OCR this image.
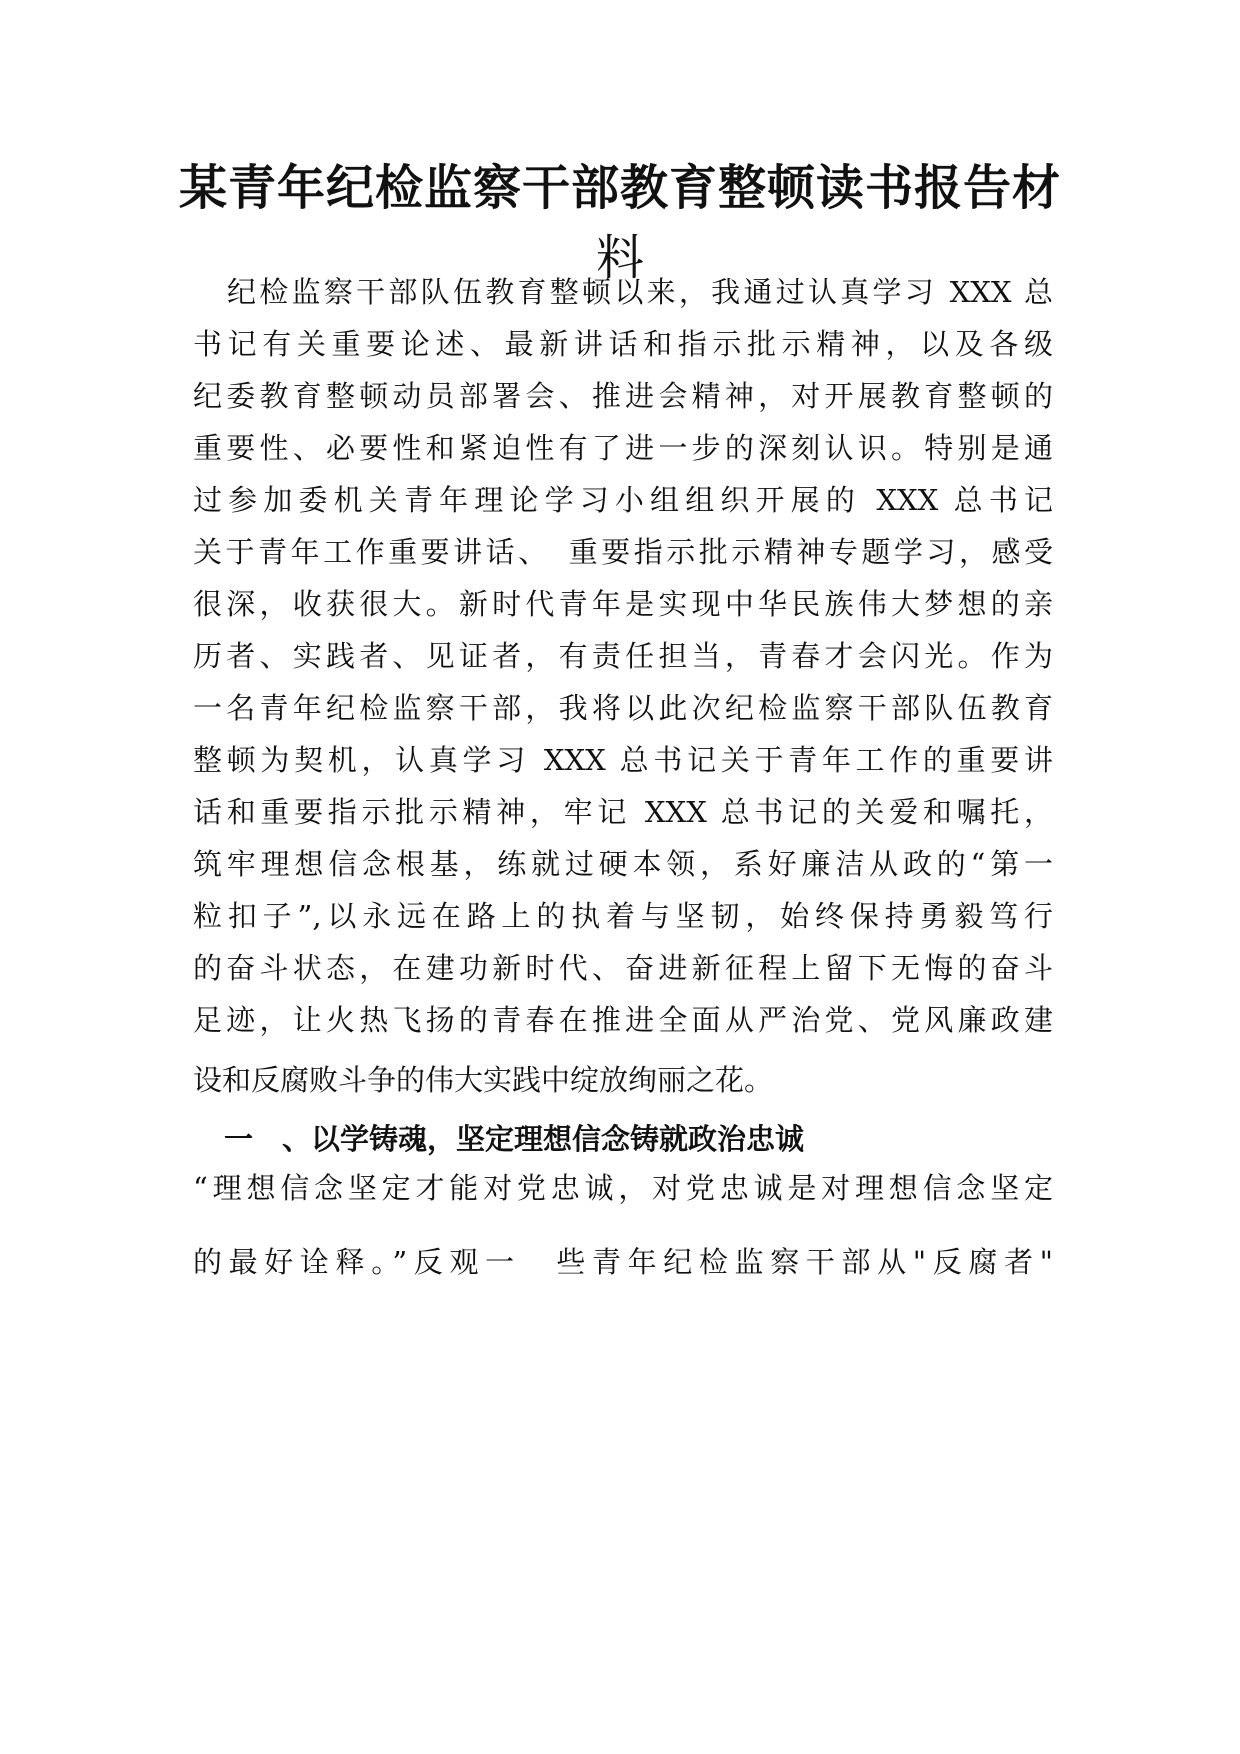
某青年纪检监察干部教育整顿读书报告材
料
纪检监察干部队伍教育整顿以来，我通过认真学习 XXX 总
书记有关重要论述、最新讲话和指示批示精神，以及各级
纪委教育整顿动员部署会、推进会精神，对开展教育整顿的
重要性、必要性和紧迫性有了进一步的深刻认识。特别是通
过参加委机关青年理论学习小组组织开展的 XXX 总书记
关于青年工作重要讲话、　重要指示批示精神专题学习，感受
很深，收获很大。新时代青年是实现中华民族伟大梦想的亲
历者、实践者、见证者，有责任担当，青春才会闪光。作为
一名青年纪检监察干部，我将以此次纪检监察干部队伍教育
整顿为契机，认真学习 XXX 总书记关于青年工作的重要讲
话和重要指示批示精神，牢记 XXX 总书记的关爱和嘱托，
筑牢理想信念根基，练就过硬本领，系好廉洁从政的“第一
粒扣子”,以永远在路上的执着与坚韧，始终保持勇毅笃行
的奋斗状态，在建功新时代、奋进新征程上留下无悔的奋斗
足迹，让火热飞扬的青春在推进全面从严治党、党风廉政建
设和反腐败斗争的伟大实践中绽放绚丽之花。
一　、以学铸魂，坚定理想信念铸就政治忠诚
“理想信念坚定才能对党忠诚，对党忠诚是对理想信念坚定
的最好诠释。”反观一　些青年纪检监察干部从"反腐者"
